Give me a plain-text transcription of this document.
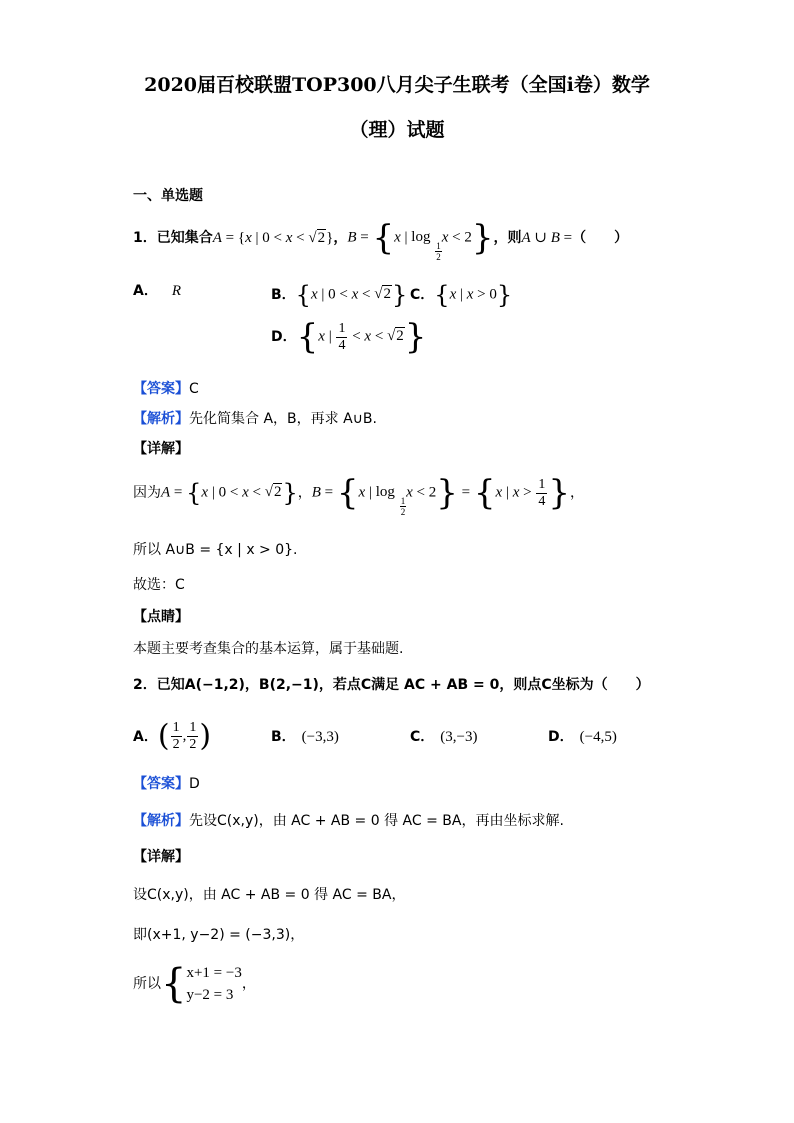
2020届百校联盟TOP300八月尖子生联考（全国i卷）数学
（理）试题
一、单选题
1． 已知集合 A = {x | 0 < x < √2} ， B = {x | log
1
2
x < 2} ，则 A ∪ B = （　　）
A． R	B． {x | 0 < x < √2} C． {x | x > 0}
D． {x | $\frac{1}{4} < x < √2$}
【答案】C
【解析】先化简集合 A，B，再求 A∪B.
【详解】
因为 A = {x | 0 < x < √2} ， B = {x | log
1
2
x < 2} = {x | $x > \frac{1}{4}$ } ，
所以 A∪B = {x | x > 0}.
故选：C
【点睛】
本题主要考查集合的基本运算，属于基础题.
2．已知A(−1,2)，B(2,−1)，若点C满足 AC + AB = 0，则点C坐标为（　　）
A． ( $\frac{1}{2}$ , $\frac{1}{2}$ )	B． (−3,3)	C． (3,−3)	D． (−4,5)
【答案】D
【解析】先设C(x,y)，由 AC + AB = 0 得 AC = BA，再由坐标求解.
【详解】
设C(x,y)，由 AC + AB = 0 得 AC = BA，
即(x+1, y−2) = (−3,3)，
所以 { x+1 = −3
y−2 = 3
，
